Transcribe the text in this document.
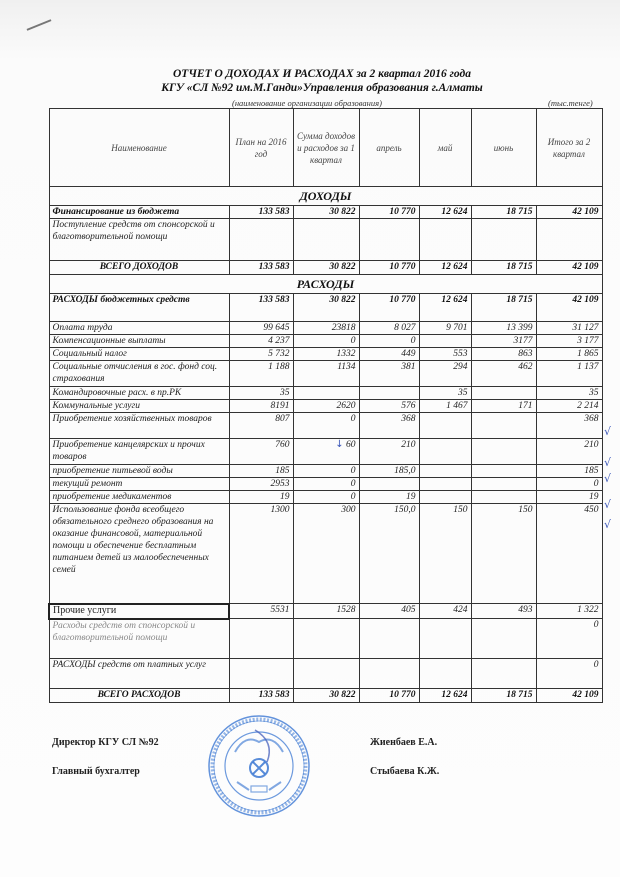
ОТЧЕТ О ДОХОДАХ И РАСХОДАХ за 2 квартал 2016 года
КГУ «СЛ №92 им.М.Ганди»Управления образования г.Алматы
(наименование организации образования)	(тыс.тенге)
Наименование	План на 2016 год	Сумма доходов и расходов за 1 квартал	апрель	май	июнь	Итого за 2 квартал
ДОХОДЫ						
Финансирование из бюджета	133 583	30 822	10 770	12 624	18 715	42 109
Поступление средств от спонсорской и благотворительной помощи						
ВСЕГО ДОХОДОВ	133 583	30 822	10 770	12 624	18 715	42 109
РАСХОДЫ						
РАСХОДЫ бюджетных средств	133 583	30 822	10 770	12 624	18 715	42 109
Оплата труда	99 645	23818	8 027	9 701	13 399	31 127
Компенсационные выплаты	4 237	0	0		3177	3 177
Социальный налог	5 732	1332	449	553	863	1 865
Социальные отчисления в гос. фонд соц. страхования	1 188	1134	381	294	462	1 137
Командировочные расх. в пр.РК	35			35		35
Коммунальные услуги	8191	2620	576	1 467	171	2 214
Приобретение хозяйственных товаров	807	0	368			368
Приобретение канцелярских и прочих товаров	760	↓ 60	210			210
приобретение питьевой воды	185	0	185,0			185
текущий ремонт	2953	0				0
приобретение медикаментов	19	0	19			19
Использование фонда всеобщего обязательного среднего образования на оказание финансовой, материальной помощи и обеспечение бесплатным питанием детей из малообеспеченных семей	1300	300	150,0	150	150	450
Прочие услуги	5531	1528	405	424	493	1 322
Расходы средств от спонсорской и благотворительной помощи						0
РАСХОДЫ средств от платных услуг						0
ВСЕГО РАСХОДОВ	133 583	30 822	10 770	12 624	18 715	42 109
√
√
√
√
√
Директор КГУ СЛ №92	Жиенбаев Е.А.
Главный бухгалтер	Стыбаева К.Ж.
